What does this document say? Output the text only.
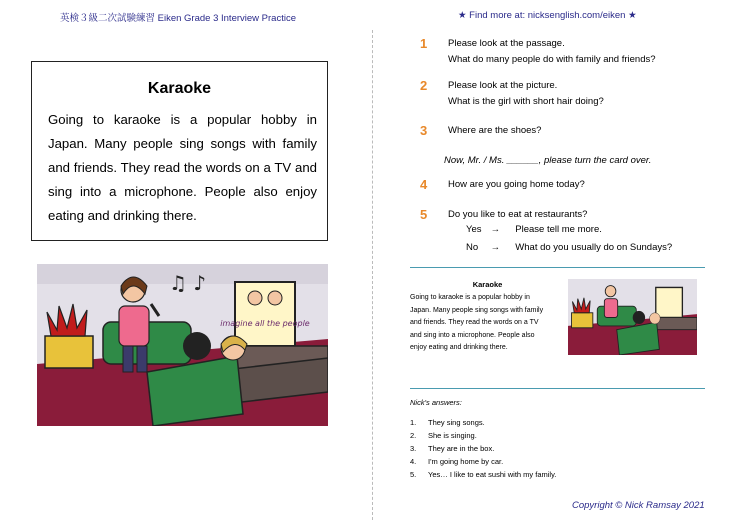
英検３級二次試験練習 Eiken Grade 3 Interview Practice	★ Find more at: nicksenglish.com/eiken ★
Karaoke
Going to karaoke is a popular hobby in Japan. Many people sing songs with family and friends. They read the words on a TV and sing into a microphone. People also enjoy eating and drinking there.
♫ ♪
imagine all the people
1 Please look at the passage.
What do many people do with family and friends?
2 Please look at the picture.
What is the girl with short hair doing?
3 Where are the shoes?
Now, Mr. / Ms. ______, please turn the card over.
4 How are you going home today?
5 Do you like to eat at restaurants?
Yes → Please tell me more.
No → What do you usually do on Sundays?
Karaoke
Going to karaoke is a popular hobby in Japan. Many people sing songs with family and friends. They read the words on a TV and sing into a microphone. People also enjoy eating and drinking there.
Nick's answers:
1. They sing songs.
2. She is singing.
3. They are in the box.
4. I'm going home by car.
5. Yes… I like to eat sushi with my family.
Copyright © Nick Ramsay 2021
